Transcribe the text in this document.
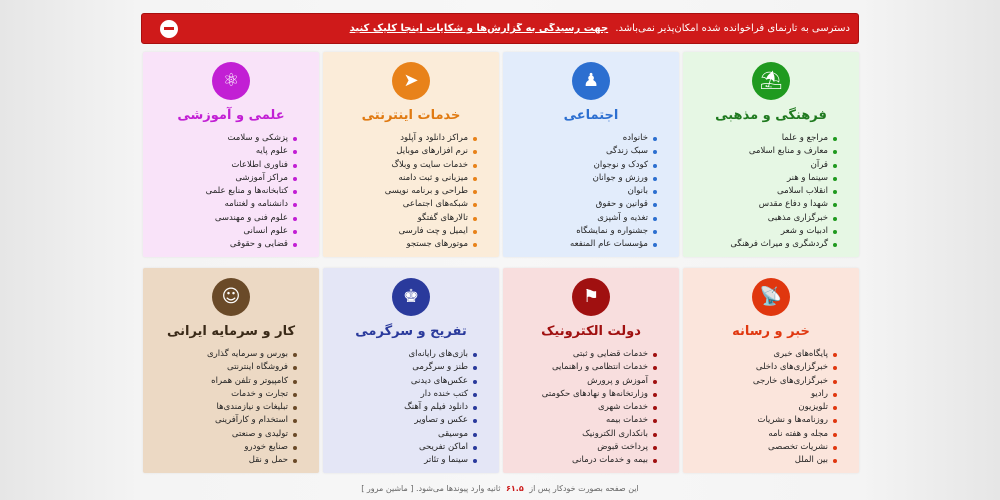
دسترسی به تارنمای فراخوانده شده امکان‌پذیر نمی‌باشد. جهت رسیدگی به گزارش‌ها و شکایات اینجا کلیک کنید
⛱
فرهنگی و مذهبی
مراجع و علما
معارف و منابع اسلامی
قرآن
سینما و هنر
انقلاب اسلامی
شهدا و دفاع مقدس
خبرگزاری مذهبی
ادبیات و شعر
گردشگری و میراث فرهنگی
♟
اجتماعی
خانواده
سبک زندگی
کودک و نوجوان
ورزش و جوانان
بانوان
قوانین و حقوق
تغذیه و آشپزی
جشنواره و نمایشگاه
مؤسسات عام المنفعه
➤
خدمات اینترنتی
مراکز دانلود و آپلود
نرم افزارهای موبایل
خدمات سایت و وبلاگ
میزبانی و ثبت دامنه
طراحی و برنامه نویسی
شبکه‌های اجتماعی
تالارهای گفتگو
ایمیل و چت فارسی
موتورهای جستجو
⚛
علمی و آموزشی
پزشکی و سلامت
علوم پایه
فناوری اطلاعات
مراکز آموزشی
کتابخانه‌ها و منابع علمی
دانشنامه و لغتنامه
علوم فنی و مهندسی
علوم انسانی
قضایی و حقوقی
📡
خبر و رسانه
پایگاه‌های خبری
خبرگزاری‌های داخلی
خبرگزاری‌های خارجی
رادیو
تلویزیون
روزنامه‌ها و نشریات
مجله و هفته نامه
نشریات تخصصی
بین الملل
⚑
دولت الکترونیک
خدمات قضایی و ثبتی
خدمات انتظامی و راهنمایی
آموزش و پرورش
وزارتخانه‌ها و نهادهای حکومتی
خدمات شهری
خدمات بیمه
بانکداری الکترونیک
پرداخت قبوض
بیمه و خدمات درمانی
♚
تفریح و سرگرمی
بازی‌های رایانه‌ای
طنز و سرگرمی
عکس‌های دیدنی
کتب خنده دار
دانلود فیلم و آهنگ
عکس و تصاویر
موسیقی
اماکن تفریحی
سینما و تئاتر
☺
کار و سرمایه ایرانی
بورس و سرمایه گذاری
فروشگاه اینترنتی
کامپیوتر و تلفن همراه
تجارت و خدمات
تبلیغات و نیازمندی‌ها
استخدام و کارآفرینی
تولیدی و صنعتی
صنایع خودرو
حمل و نقل
این صفحه بصورت خودکار پس از ۶۱.۵ ثانیه وارد پیوندها می‌شود. [ ماشین مرور ]
